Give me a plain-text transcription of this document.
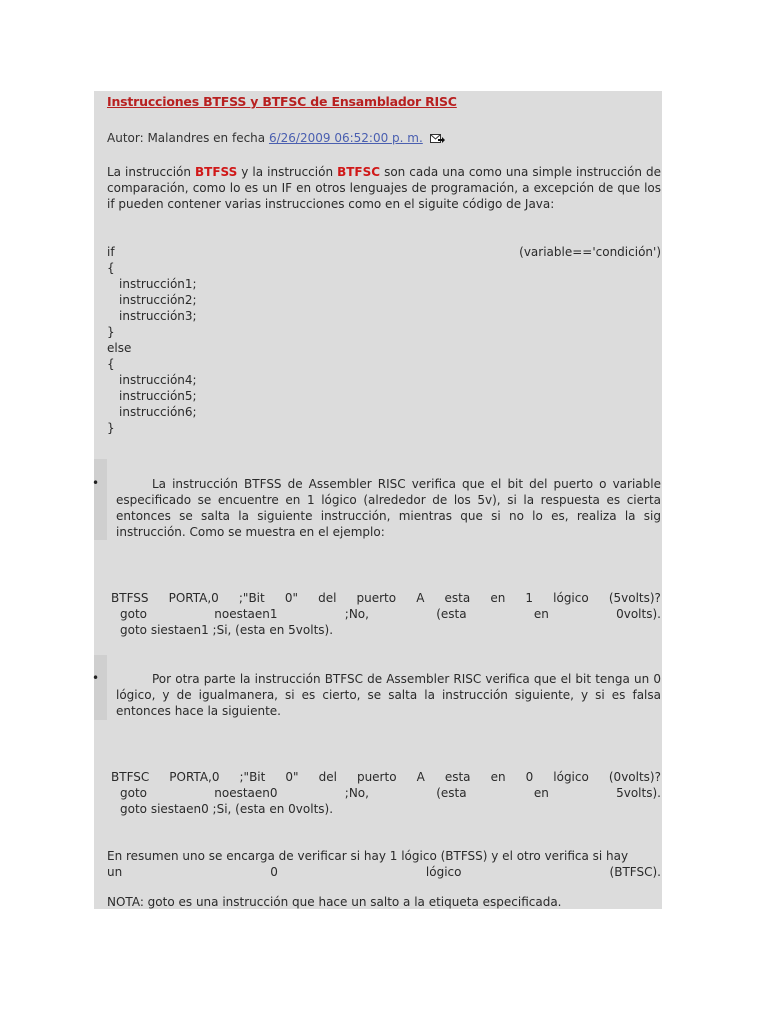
Instrucciones BTFSS y BTFSC de Ensamblador RISC
Autor: Malandres en fecha 6/26/2009 06:52:00 p. m.
La instrucción BTFSS y la instrucción BTFSC son cada una como una simple instrucción de comparación, como lo es un IF en otros lenguajes de programación, a excepción de que los if pueden contener varias instrucciones como en el siguite código de Java:
if	(variable=='condición')
{
instrucción1;
instrucción2;
instrucción3;
}
else
{
instrucción4;
instrucción5;
instrucción6;
}
•	La instrucción BTFSS de Assembler RISC verifica que el bit del puerto o variable especificado se encuentre en 1 lógico (alrededor de los 5v), si la respuesta es cierta entonces se salta la siguiente instrucción, mientras que si no lo es, realiza la sig instrucción. Como se muestra en el ejemplo:
BTFSS PORTA,0 ;"Bit 0" del puerto A esta en 1 lógico (5volts)?
goto	noestaen1	;No,	(esta	en	0volts).
goto siestaen1 ;Si, (esta en 5volts).
•	Por otra parte la instrucción BTFSC de Assembler RISC verifica que el bit tenga un 0 lógico, y de igualmanera, si es cierto, se salta la instrucción siguiente, y si es falsa entonces hace la siguiente.
BTFSC PORTA,0 ;"Bit 0" del puerto A esta en 0 lógico (0volts)?
goto	noestaen0	;No,	(esta	en	5volts).
goto siestaen0 ;Si, (esta en 0volts).
En resumen uno se encarga de verificar si hay 1 lógico (BTFSS) y el otro verifica si hay
un	0	lógico	(BTFSC).
NOTA: goto es una instrucción que hace un salto a la etiqueta especificada.
